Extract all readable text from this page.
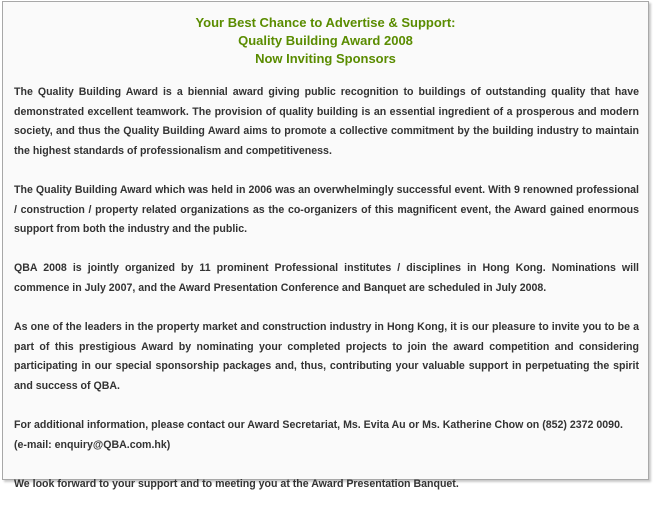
Your Best Chance to Advertise & Support:
Quality Building Award 2008
Now Inviting Sponsors

The Quality Building Award is a biennial award giving public recognition to buildings of outstanding quality that have demonstrated excellent teamwork. The provision of quality building is an essential ingredient of a prosperous and modern society, and thus the Quality Building Award aims to promote a collective commitment by the building industry to maintain the highest standards of professionalism and competitiveness.

The Quality Building Award which was held in 2006 was an overwhelmingly successful event. With 9 renowned professional / construction / property related organizations as the co-organizers of this magnificent event, the Award gained enormous support from both the industry and the public.

QBA 2008 is jointly organized by 11 prominent Professional institutes / disciplines in Hong Kong. Nominations will commence in July 2007, and the Award Presentation Conference and Banquet are scheduled in July 2008.

As one of the leaders in the property market and construction industry in Hong Kong, it is our pleasure to invite you to be a part of this prestigious Award by nominating your completed projects to join the award competition and considering participating in our special sponsorship packages and, thus, contributing your valuable support in perpetuating the spirit and success of QBA.

For additional information, please contact our Award Secretariat, Ms. Evita Au or Ms. Katherine Chow on (852) 2372 0090.
(e-mail: enquiry@QBA.com.hk)

We look forward to your support and to meeting you at the Award Presentation Banquet.
